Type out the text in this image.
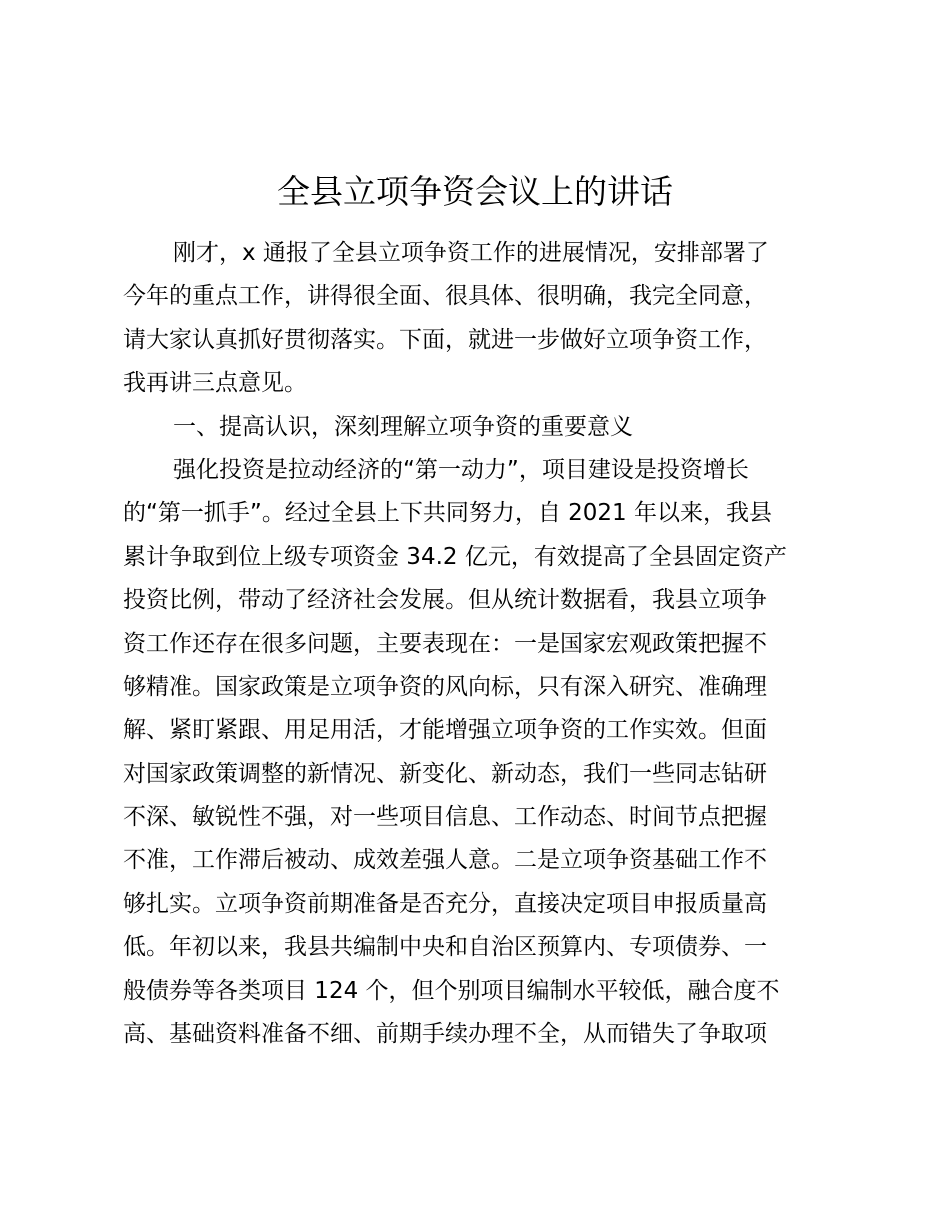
全县立项争资会议上的讲话
刚才，x 通报了全县立项争资工作的进展情况，安排部署了
今年的重点工作，讲得很全面、很具体、很明确，我完全同意，
请大家认真抓好贯彻落实。下面，就进一步做好立项争资工作，
我再讲三点意见。
一、提高认识，深刻理解立项争资的重要意义
强化投资是拉动经济的“第一动力”，项目建设是投资增长
的“第一抓手”。经过全县上下共同努力，自 2021 年以来，我县
累计争取到位上级专项资金 34.2 亿元，有效提高了全县固定资产
投资比例，带动了经济社会发展。但从统计数据看，我县立项争
资工作还存在很多问题，主要表现在：一是国家宏观政策把握不
够精准。国家政策是立项争资的风向标，只有深入研究、准确理
解、紧盯紧跟、用足用活，才能增强立项争资的工作实效。但面
对国家政策调整的新情况、新变化、新动态，我们一些同志钻研
不深、敏锐性不强，对一些项目信息、工作动态、时间节点把握
不准，工作滞后被动、成效差强人意。二是立项争资基础工作不
够扎实。立项争资前期准备是否充分，直接决定项目申报质量高
低。年初以来，我县共编制中央和自治区预算内、专项债券、一
般债券等各类项目 124 个，但个别项目编制水平较低，融合度不
高、基础资料准备不细、前期手续办理不全，从而错失了争取项
